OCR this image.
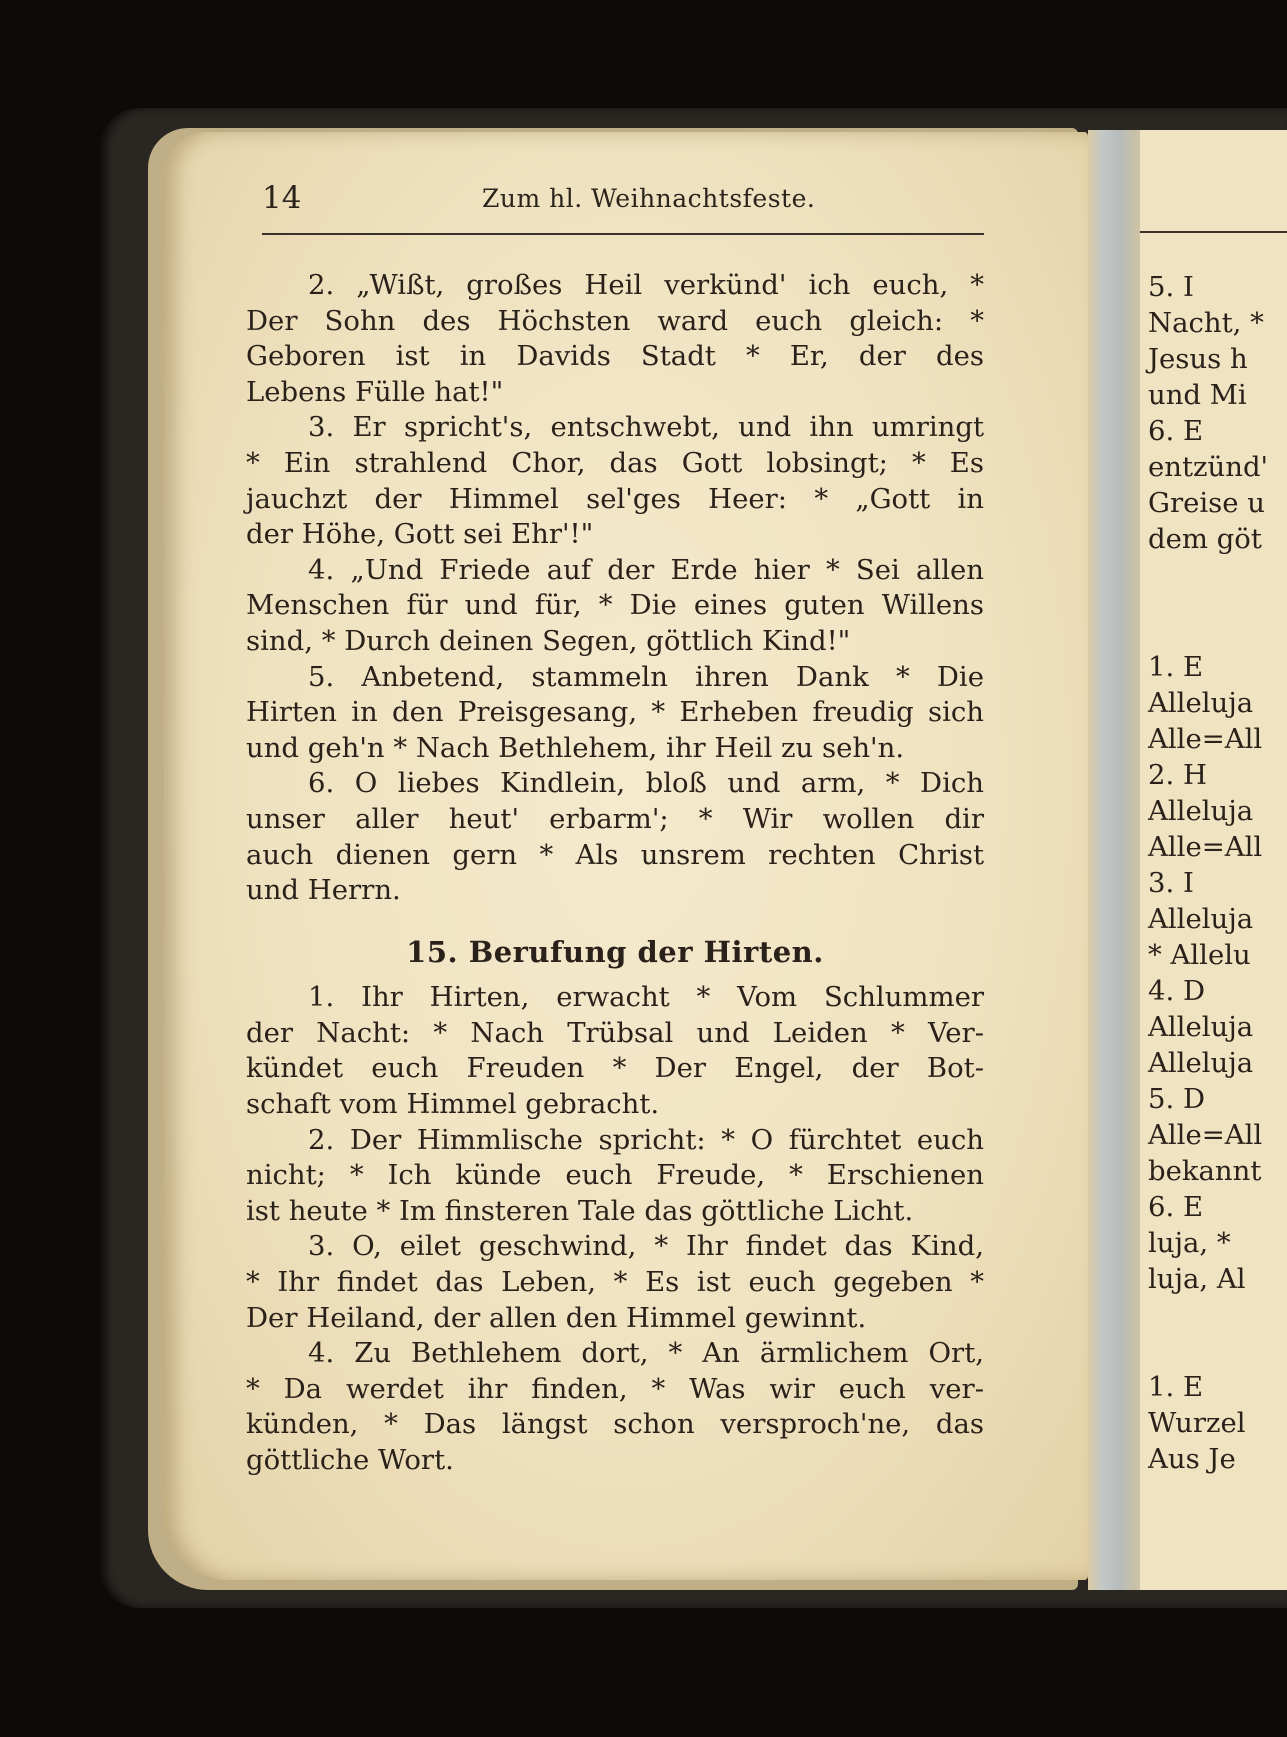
5. I
Nacht, *
Jesus h
und Mi
6. E
entzünd'
Greise u
dem göt
1. E
Alleluja
Alle=All
2. H
Alleluja
Alle=All
3. I
Alleluja
* Allelu
4. D
Alleluja
Alleluja
5. D
Alle=All
bekannt
6. E
luja, *
luja, Al
1. E
Wurzel
Aus Je
14	Zum hl. Weihnachtsfeste.
2. „Wißt, großes Heil verkünd' ich euch, *
Der Sohn des Höchsten ward euch gleich: *
Geboren ist in Davids Stadt * Er, der des
Lebens Fülle hat!"
3. Er spricht's, entschwebt, und ihn umringt
* Ein strahlend Chor, das Gott lobsingt; * Es
jauchzt der Himmel sel'ges Heer: * „Gott in
der Höhe, Gott sei Ehr'!"
4. „Und Friede auf der Erde hier * Sei allen
Menschen für und für, * Die eines guten Willens
sind, * Durch deinen Segen, göttlich Kind!"
5. Anbetend, stammeln ihren Dank * Die
Hirten in den Preisgesang, * Erheben freudig sich
und geh'n * Nach Bethlehem, ihr Heil zu seh'n.
6. O liebes Kindlein, bloß und arm, * Dich
unser aller heut' erbarm'; * Wir wollen dir
auch dienen gern * Als unsrem rechten Christ
und Herrn.
15. Berufung der Hirten.
1. Ihr Hirten, erwacht * Vom Schlummer
der Nacht: * Nach Trübsal und Leiden * Ver-
kündet euch Freuden * Der Engel, der Bot-
schaft vom Himmel gebracht.
2. Der Himmlische spricht: * O fürchtet euch
nicht; * Ich künde euch Freude, * Erschienen
ist heute * Im finsteren Tale das göttliche Licht.
3. O, eilet geschwind, * Ihr findet das Kind,
* Ihr findet das Leben, * Es ist euch gegeben *
Der Heiland, der allen den Himmel gewinnt.
4. Zu Bethlehem dort, * An ärmlichem Ort,
* Da werdet ihr finden, * Was wir euch ver-
künden, * Das längst schon versproch'ne, das
göttliche Wort.
